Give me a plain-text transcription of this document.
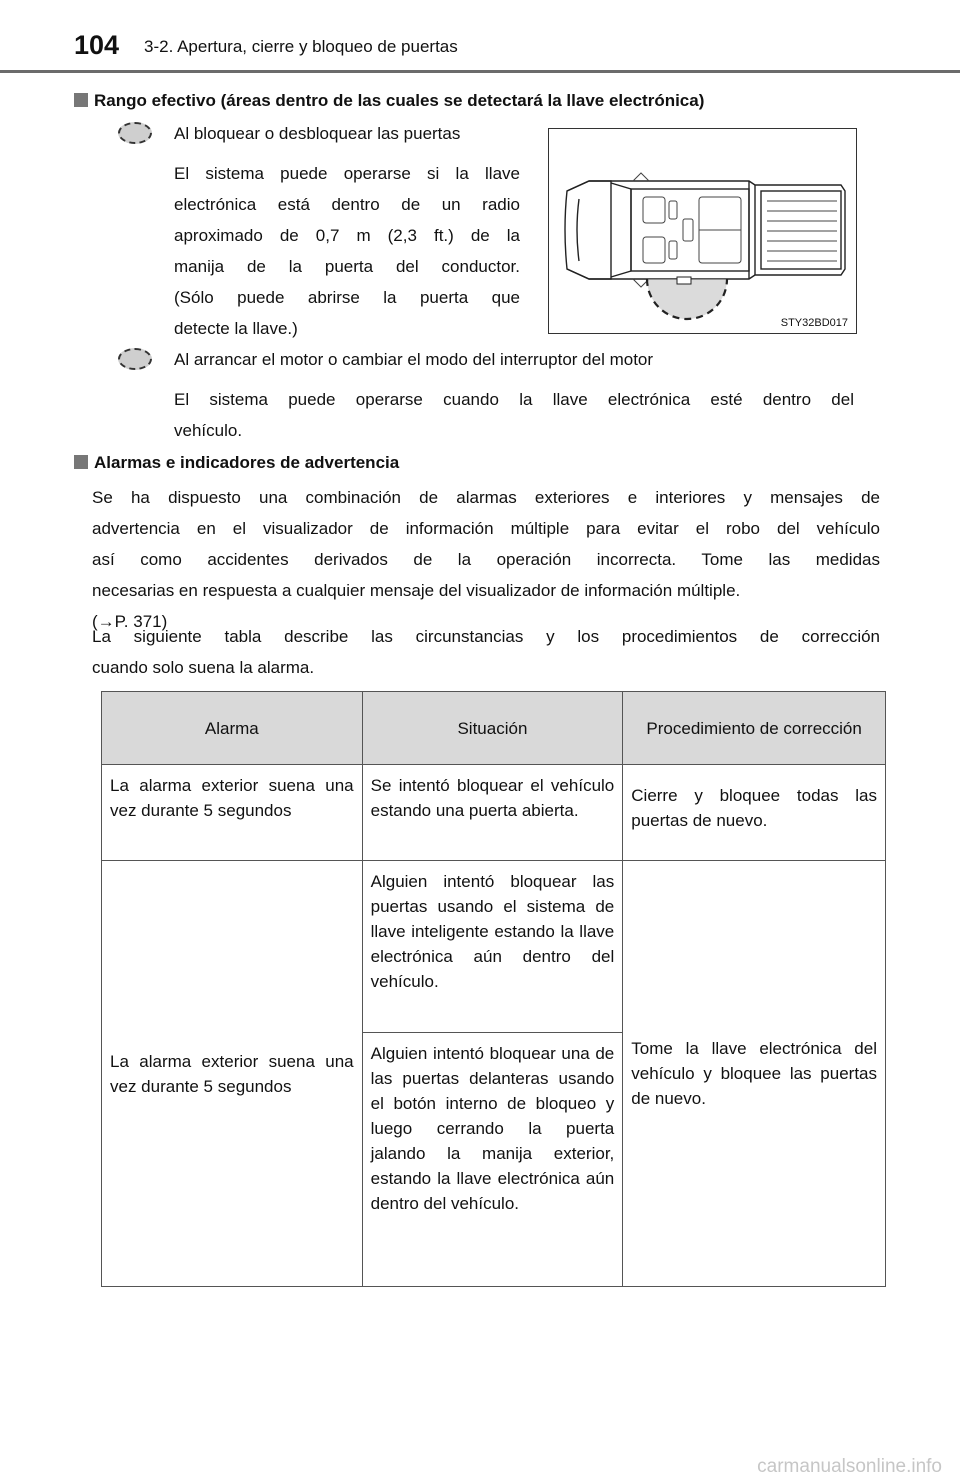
104 3-2. Apertura, cierre y bloqueo de puertas
Rango efectivo (áreas dentro de las cuales se detectará la llave electrónica)
Al bloquear o desbloquear las puertas
El sistema puede operarse si la llave
electrónica está dentro de un radio
aproximado de 0,7 m (2,3 ft.) de la
manija de la puerta del conductor.
(Sólo puede abrirse la puerta que
detecte la llave.)	STY32BD017
Al arrancar el motor o cambiar el modo del interruptor del motor
El sistema puede operarse cuando la llave electrónica esté dentro del
vehículo.
Alarmas e indicadores de advertencia
Se ha dispuesto una combinación de alarmas exteriores e interiores y mensajes de
advertencia en el visualizador de información múltiple para evitar el robo del vehículo
así como accidentes derivados de la operación incorrecta. Tome las medidas
necesarias en respuesta a cualquier mensaje del visualizador de información múltiple.
(→P. 371)
La siguiente tabla describe las circunstancias y los procedimientos de corrección
cuando solo suena la alarma.
Alarma	Situación	Procedimiento de corrección
La alarma exterior suena una vez durante 5 segundos	Se intentó bloquear el vehículo estando una puerta abierta.	Cierre y bloquee todas las puertas de nuevo.
La alarma exterior suena una vez durante 5 segundos	Alguien intentó bloquear las puertas usando el sistema de llave inteligente estando la llave electrónica aún dentro del vehículo.	Tome la llave electrónica del vehículo y bloquee las puertas de nuevo.
	Alguien intentó bloquear una de las puertas delanteras usando el botón interno de bloqueo y luego cerrando la puerta jalando la manija exterior, estando la llave electrónica aún dentro del vehículo.	
carmanualsonline.info
